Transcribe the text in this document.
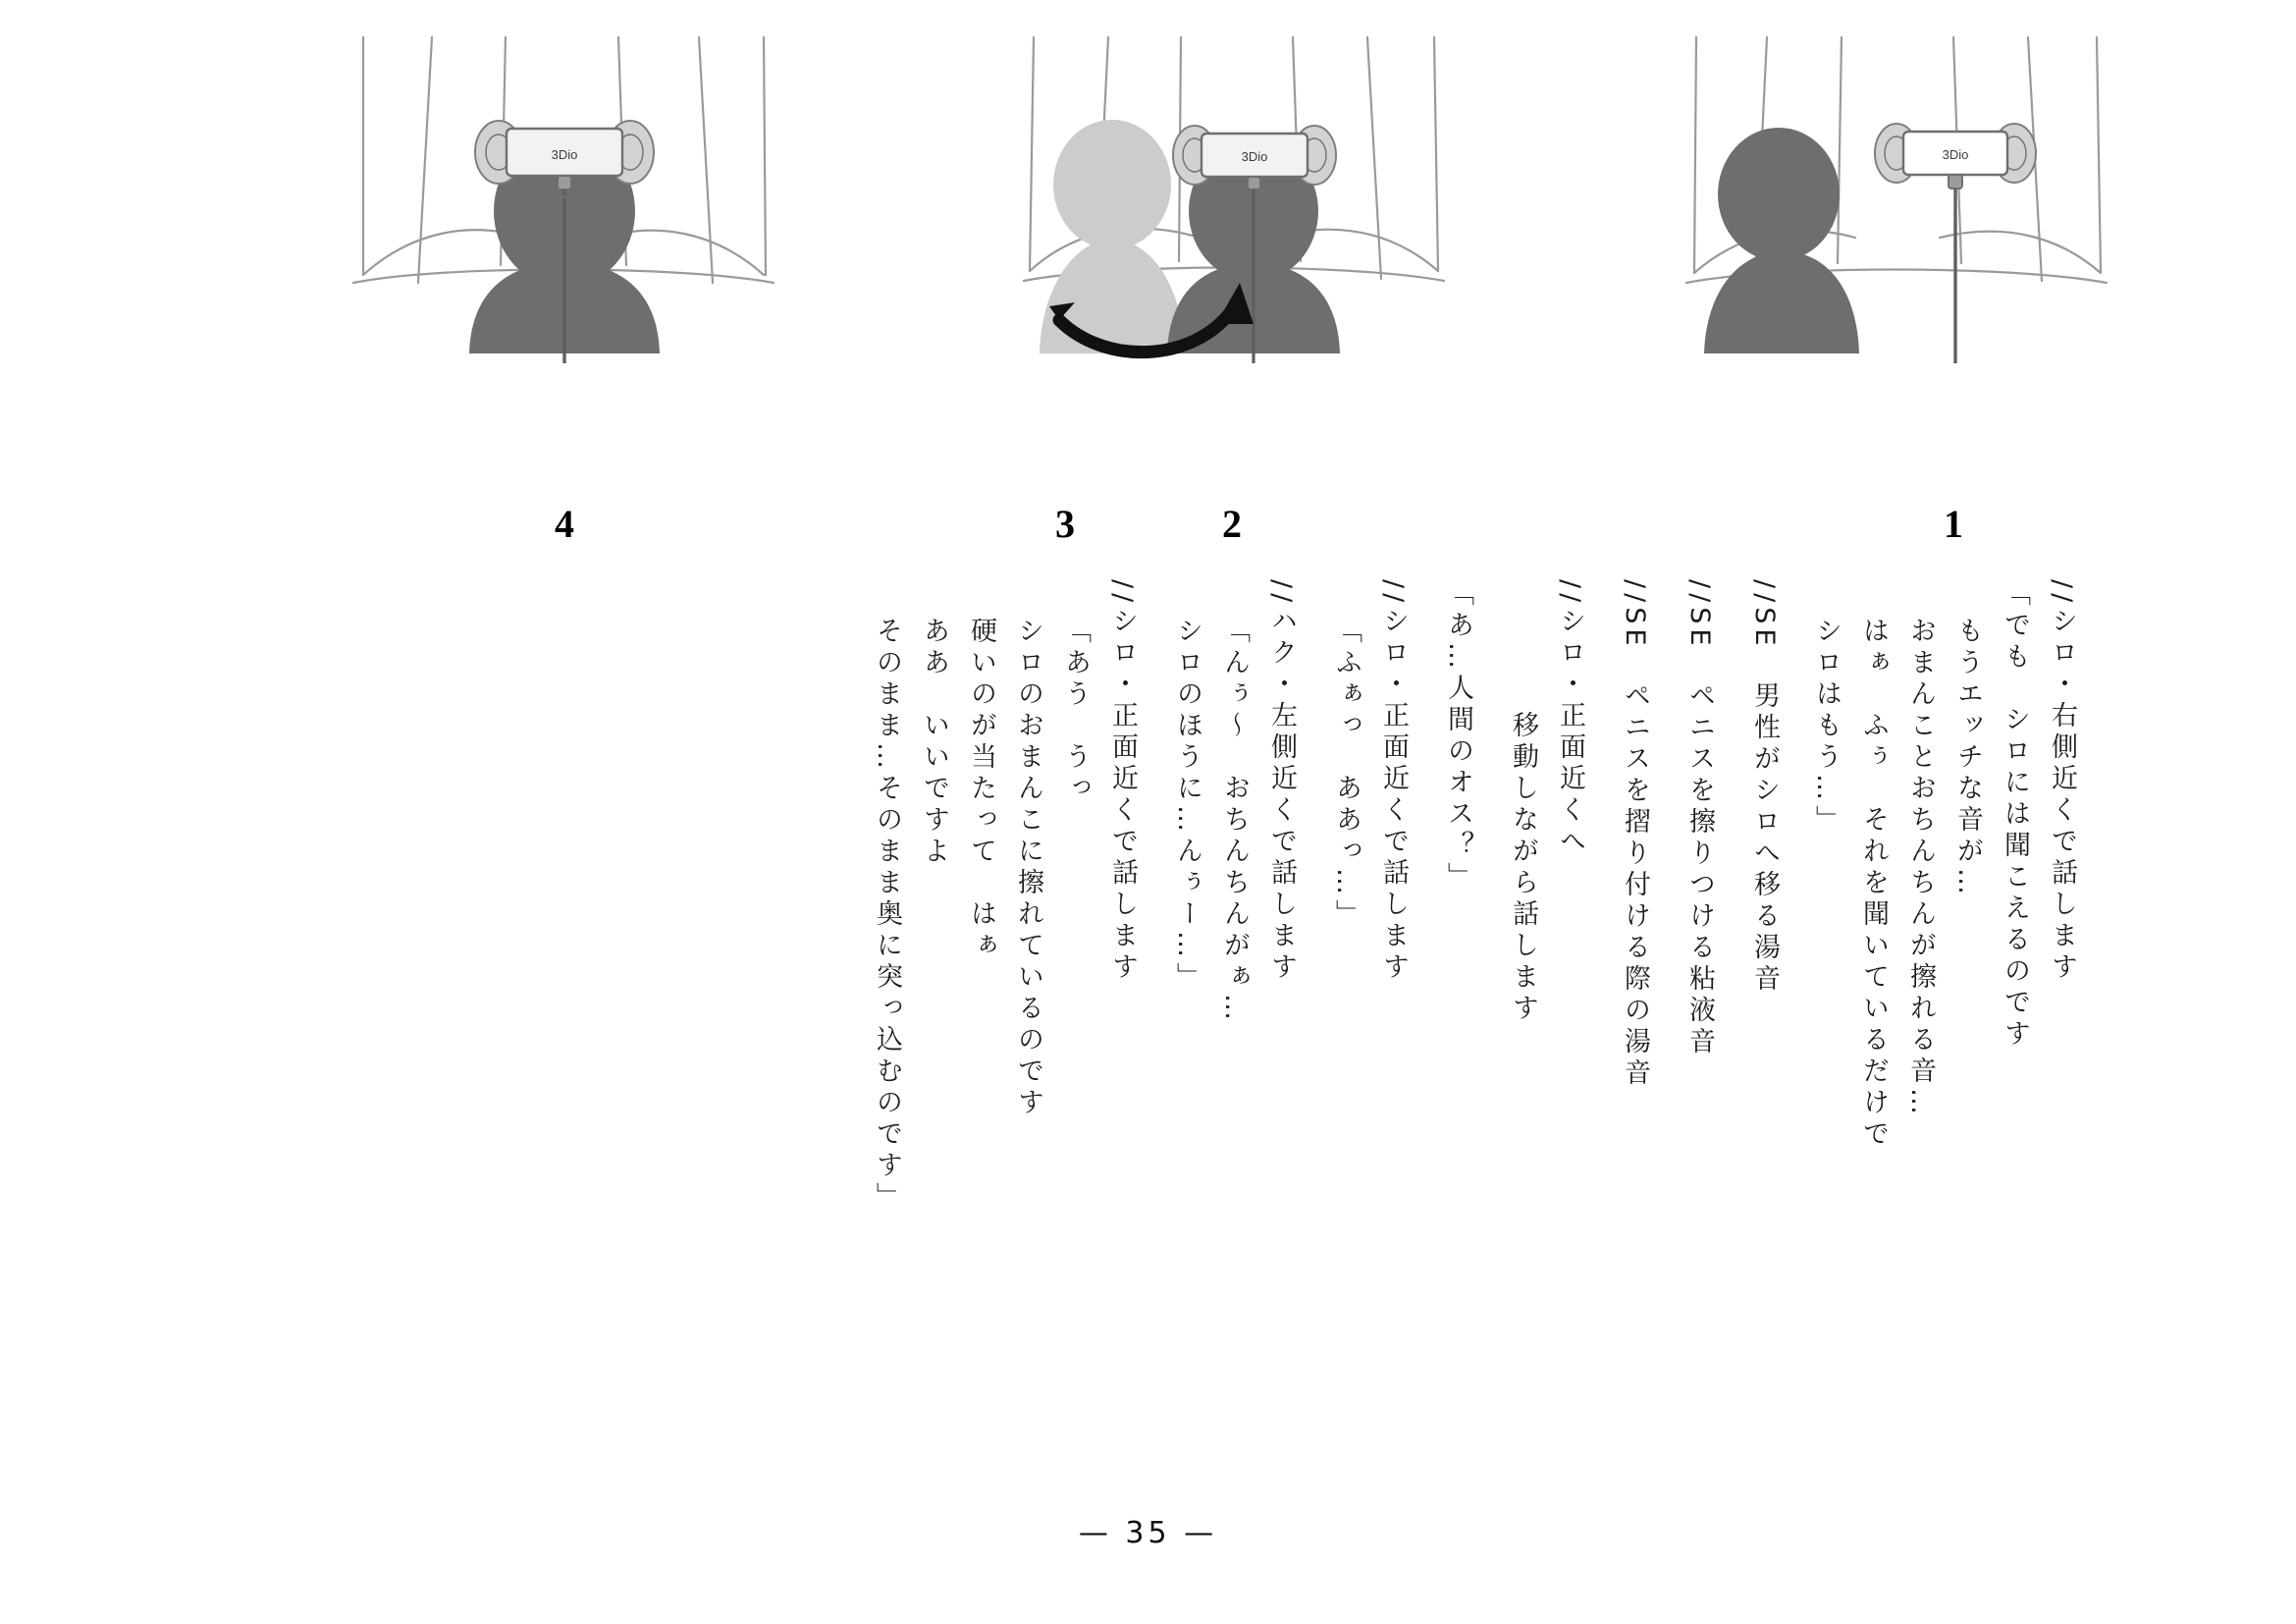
3Dio
4
3Dio
3	2
3Dio
1
//シロ・右側近くで話します
「でも　シロには聞こえるのです
もうエッチな音が…
おまんことおちんちんが擦れる音…
はぁ　ふぅ　それを聞いているだけで
シロはもう…」
//SE　男性がシロへ移る湯音
//SE　ペニスを擦りつける粘液音
//SE　ペニスを摺り付ける際の湯音
//シロ・正面近くへ
　　　移動しながら話します
「あ…人間のオス？」
//シロ・正面近くで話します
「ふぁっ　ああっ…」
//ハク・左側近くで話します
「んぅ〜　おちんちんがぁ…
シロのほうに…んぅー…」
//シロ・正面近くで話します
「あう　うっ
シロのおまんこに擦れているのです
硬いのが当たって　はぁ
ああ　いいですよ
そのまま…そのまま奥に突っ込むのです」
— 35 —
